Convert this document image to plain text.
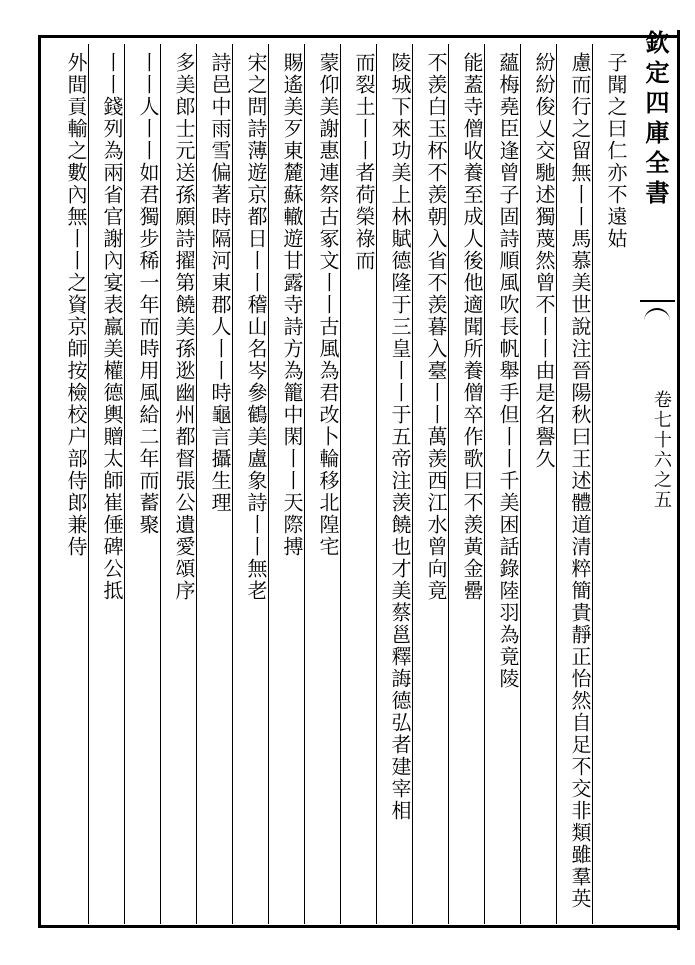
欽定四庫全書
卷七十六之五
子聞之曰仁亦不遠姑
慮而行之留無丨丨馬慕美世說注晉陽秋曰王述體道清粹簡貴靜正怡然自足不交非類雖羣英
紛紛俊乂交馳述獨蔑然曾不丨丨由是名譽久
蘊梅堯臣逢曾子固詩順風吹長帆舉手但丨丨千美困話錄陸羽為竟陵
能蓋寺僧收養至成人後他適聞所養僧卒作歌曰不羡黃金罍
不羡白玉杯不羡朝入省不羡暮入臺丨丨萬羡西江水曾向竟
陵城下來功美上林賦德隆于三皇丨丨于五帝注羡饒也才美蔡邕釋誨德弘者建宰相
而裂土丨丨者荷榮祿而
蒙仰美謝惠連祭古冢文丨丨古風為君改卜輪移北隍宅
賜遙美歹東麓蘇轍遊甘露寺詩方為籠中閑丨丨天際搏
宋之問詩薄遊京都日丨丨稽山名岑參鶴美盧象詩丨丨無老
詩邑中雨雪偏著時隔河東郡人丨丨時龜言攝生理
多美郎士元送孫願詩擢第饒美孫逖幽州都督張公遺愛頌序
丨丨人丨丨如君獨步稀一年而時用風給二年而蓄聚
丨丨錢列為兩省官謝內宴表羸美權德輿贈太師崔倕碑公抵
外間貢輸之數內無丨丨之資京師按檢校户部侍郎兼侍
